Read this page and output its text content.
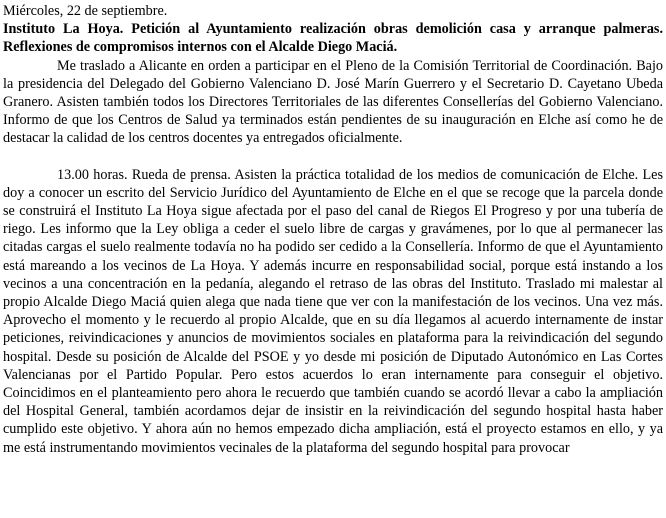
Miércoles, 22 de septiembre.

Instituto La Hoya. Petición al Ayuntamiento realización obras demolición casa y arranque palmeras. Reflexiones de compromisos internos con el Alcalde Diego Maciá.

Me traslado a Alicante en orden a participar en el Pleno de la Comisión Territorial de Coordinación. Bajo la presidencia del Delegado del Gobierno Valenciano D. José Marín Guerrero y el Secretario D. Cayetano Ubeda Granero. Asisten también todos los Directores Territoriales de las diferentes Consellerías del Gobierno Valenciano. Informo de que los Centros de Salud ya terminados están pendientes de su inauguración en Elche así como he de destacar la calidad de los centros docentes ya entregados oficialmente.

13.00 horas. Rueda de prensa. Asisten la práctica totalidad de los medios de comunicación de Elche. Les doy a conocer un escrito del Servicio Jurídico del Ayuntamiento de Elche en el que se recoge que la parcela donde se construirá el Instituto La Hoya sigue afectada por el paso del canal de Riegos El Progreso y por una tubería de riego. Les informo que la Ley obliga a ceder el suelo libre de cargas y gravámenes, por lo que al permanecer las citadas cargas el suelo realmente todavía no ha podido ser cedido a la Consellería. Informo de que el Ayuntamiento está mareando a los vecinos de La Hoya. Y además incurre en responsabilidad social, porque está instando a los vecinos a una concentración en la pedanía, alegando el retraso de las obras del Instituto. Traslado mi malestar al propio Alcalde Diego Maciá quien alega que nada tiene que ver con la manifestación de los vecinos. Una vez más. Aprovecho el momento y le recuerdo al propio Alcalde, que en su día llegamos al acuerdo internamente de instar peticiones, reivindicaciones y anuncios de movimientos sociales en plataforma para la reivindicación del segundo hospital. Desde su posición de Alcalde del PSOE y yo desde mi posición de Diputado Autonómico en Las Cortes Valencianas por el Partido Popular. Pero estos acuerdos lo eran internamente para conseguir el objetivo. Coincidimos en el planteamiento pero ahora le recuerdo que también cuando se acordó llevar a cabo la ampliación del Hospital General, también acordamos dejar de insistir en la reivindicación del segundo hospital hasta haber cumplido este objetivo. Y ahora aún no hemos empezado dicha ampliación, está el proyecto estamos en ello, y ya me está instrumentando movimientos vecinales de la plataforma del segundo hospital para provocar
